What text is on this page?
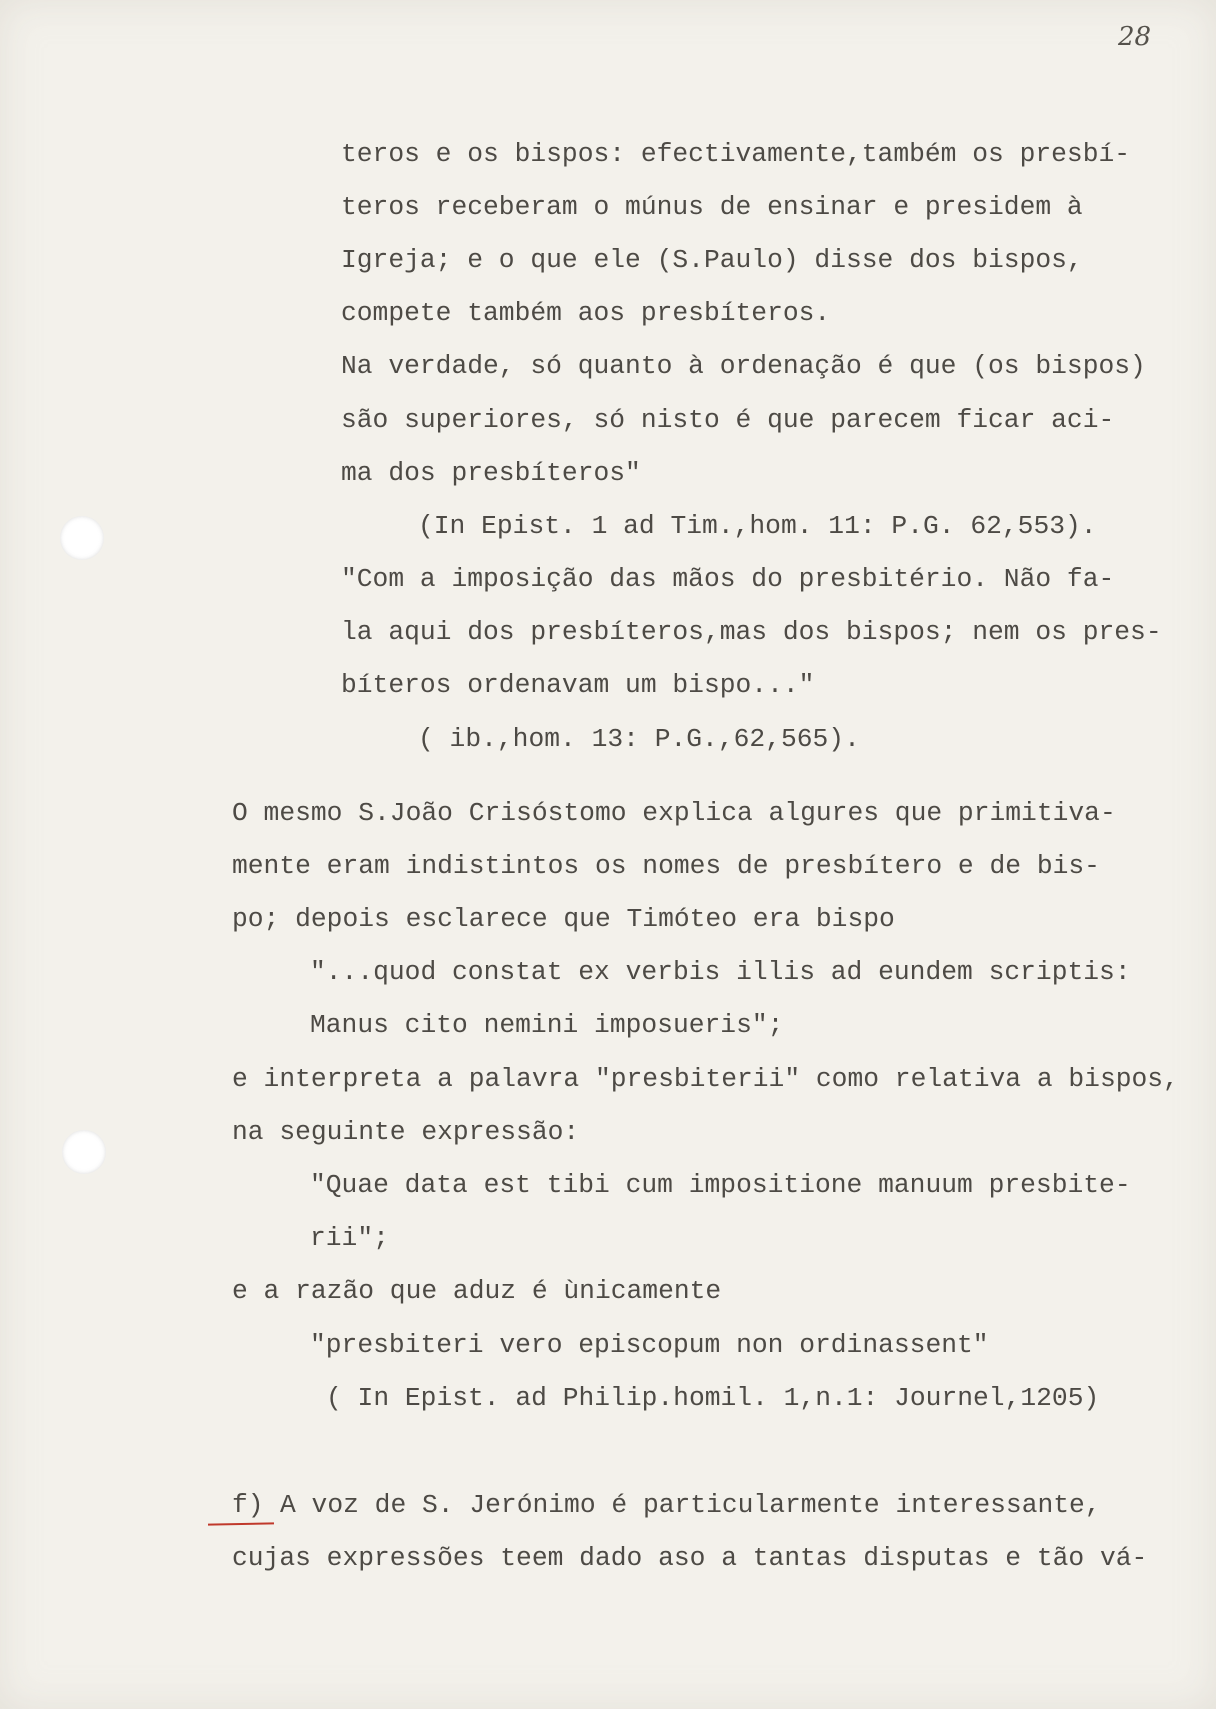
28

teros e os bispos: efectivamente,também os presbí-

teros receberam o múnus de ensinar e presidem à

Igreja; e o que ele (S.Paulo) disse dos bispos,

compete também aos presbíteros.

Na verdade, só quanto à ordenação é que (os bispos)

são superiores, só nisto é que parecem ficar aci-

ma dos presbíteros"

(In Epist. 1 ad Tim.,hom. 11: P.G. 62,553).

"Com a imposição das mãos do presbitério. Não fa-

la aqui dos presbíteros,mas dos bispos; nem os pres-

bíteros ordenavam um bispo..."

( ib.,hom. 13: P.G.,62,565).

O mesmo S.João Crisóstomo explica algures que primitiva-

mente eram indistintos os nomes de presbítero e de bis-

po; depois esclarece que Timóteo era bispo

"...quod constat ex verbis illis ad eundem scriptis:

Manus cito nemini imposueris";

e interpreta a palavra "presbiterii" como relativa a bispos,

na seguinte expressão:

"Quae data est tibi cum impositione manuum presbite-

rii";

e a razão que aduz é ùnicamente

"presbiteri vero episcopum non ordinassent"

( In Epist. ad Philip.homil. 1,n.1: Journel,1205)

f) A voz de S. Jerónimo é particularmente interessante,

cujas expressões teem dado aso a tantas disputas e tão vá-
